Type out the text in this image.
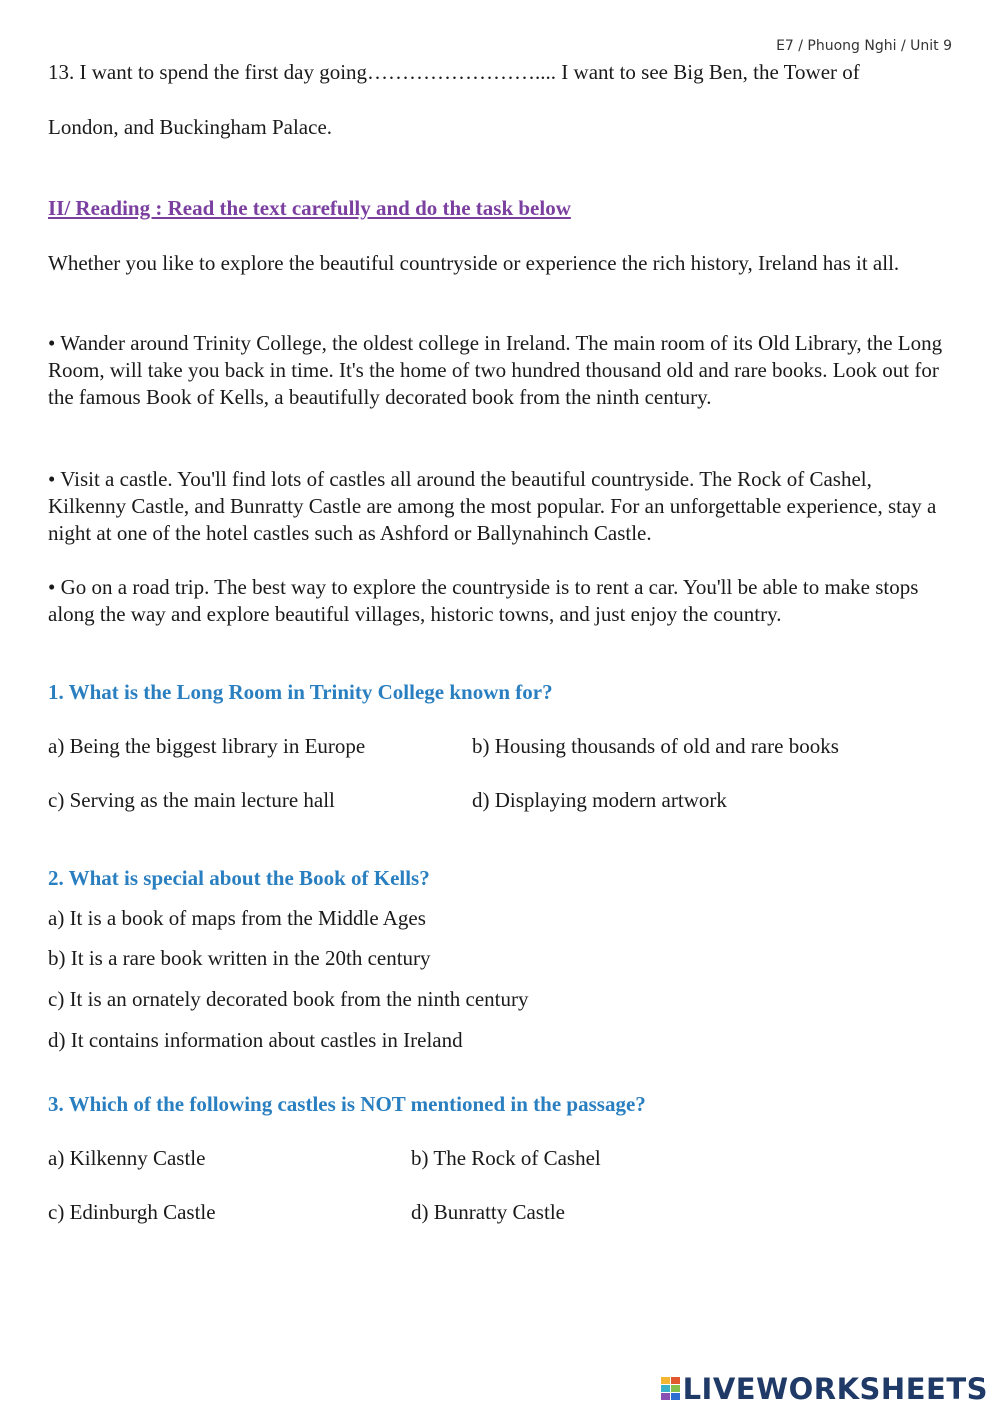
E7 / Phuong Nghi / Unit 9

13. I want to spend the first day going…………………….... I want to see Big Ben, the Tower of

London, and Buckingham Palace.

II/ Reading : Read the text carefully and do the task below

Whether you like to explore the beautiful countryside or experience the rich history, Ireland has it all.

• Wander around Trinity College, the oldest college in Ireland. The main room of its Old Library, the Long Room, will take you back in time. It's the home of two hundred thousand old and rare books. Look out for the famous Book of Kells, a beautifully decorated book from the ninth century.

• Visit a castle. You'll find lots of castles all around the beautiful countryside. The Rock of Cashel, Kilkenny Castle, and Bunratty Castle are among the most popular. For an unforgettable experience, stay a night at one of the hotel castles such as Ashford or Ballynahinch Castle.

• Go on a road trip. The best way to explore the countryside is to rent a car. You'll be able to make stops along the way and explore beautiful villages, historic towns, and just enjoy the country.

1. What is the Long Room in Trinity College known for?

a) Being the biggest library in Europe	b) Housing thousands of old and rare books

c) Serving as the main lecture hall	d) Displaying modern artwork

2. What is special about the Book of Kells?

a) It is a book of maps from the Middle Ages

b) It is a rare book written in the 20th century

c) It is an ornately decorated book from the ninth century

d) It contains information about castles in Ireland

3. Which of the following castles is NOT mentioned in the passage?

a) Kilkenny Castle	b) The Rock of Cashel

c) Edinburgh Castle	d) Bunratty Castle

LIVEWORKSHEETS
